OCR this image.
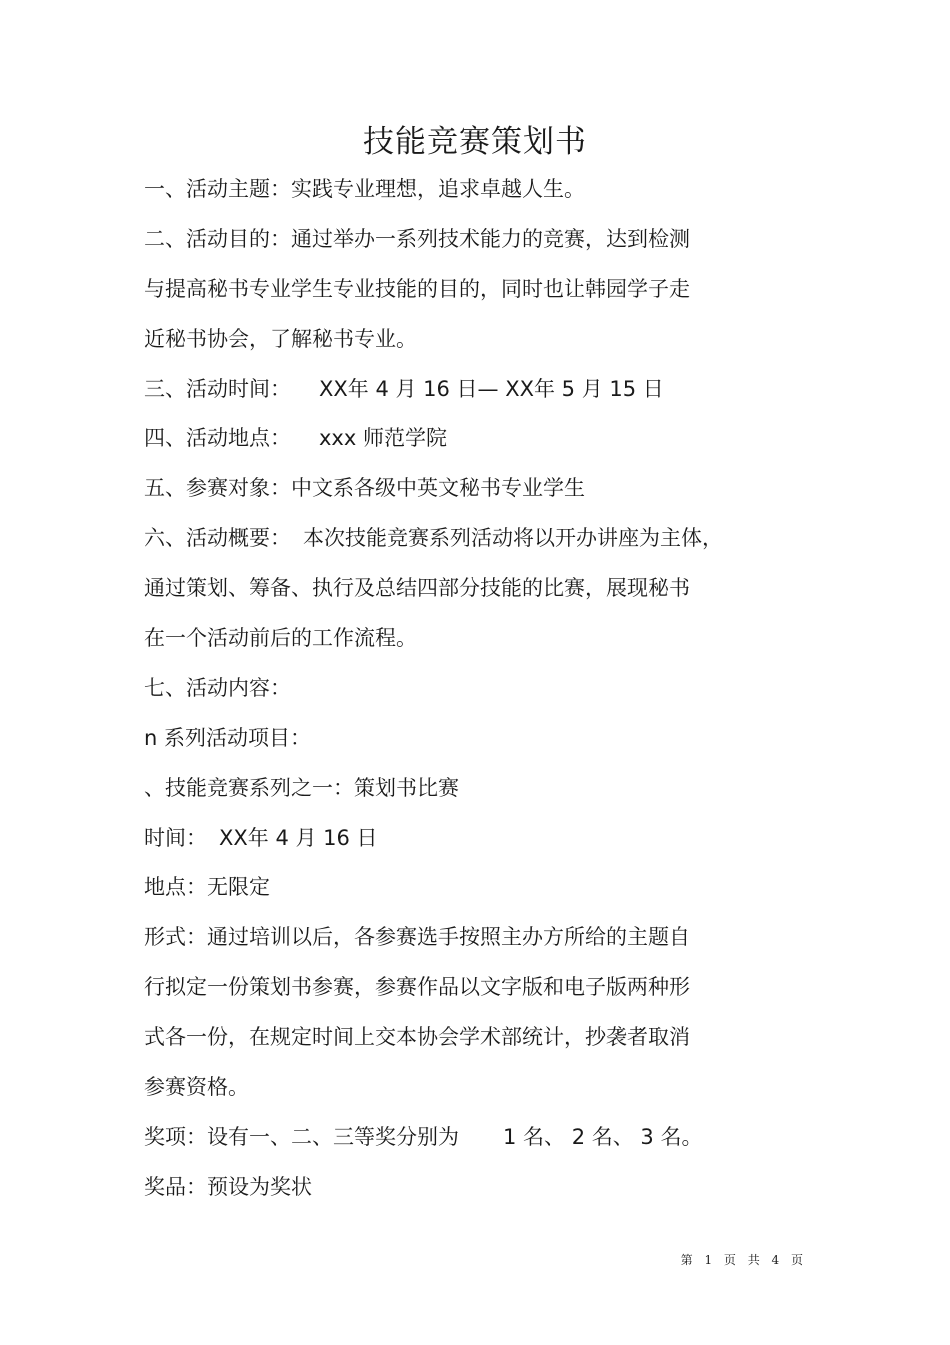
技能竞赛策划书
一、活动主题：实践专业理想，追求卓越人生。
二、活动目的：通过举办一系列技术能力的竞赛，达到检测
与提高秘书专业学生专业技能的目的，同时也让韩园学子走
近秘书协会，了解秘书专业。
三、活动时间： XX年 4 月 16 日— XX年 5 月 15 日
四、活动地点： xxx 师范学院
五、参赛对象：中文系各级中英文秘书专业学生
六、活动概要： 本次技能竞赛系列活动将以开办讲座为主体，
通过策划、筹备、执行及总结四部分技能的比赛，展现秘书
在一个活动前后的工作流程。
七、活动内容：
n 系列活动项目：
、技能竞赛系列之一：策划书比赛
时间： XX年 4 月 16 日
地点：无限定
形式：通过培训以后，各参赛选手按照主办方所给的主题自
行拟定一份策划书参赛，参赛作品以文字版和电子版两种形
式各一份，在规定时间上交本协会学术部统计，抄袭者取消
参赛资格。
奖项：设有一、二、三等奖分别为 1 名、 2 名、 3 名。
奖品：预设为奖状
第 1 页 共 4 页
